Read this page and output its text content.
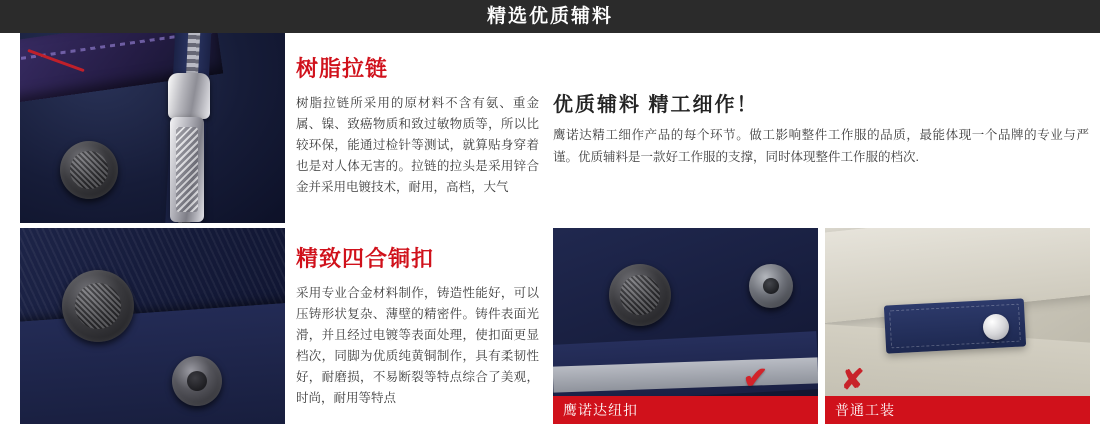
精选优质辅料
✔
鹰诺达纽扣
✘
普通工装
树脂拉链
树脂拉链所采用的原材料不含有氨、重金属、镍、致癌物质和致过敏物质等，所以比较环保，能通过检针等测试，就算贴身穿着也是对人体无害的。拉链的拉头是采用锌合金并采用电镀技术，耐用，高档，大气
精致四合铜扣
采用专业合金材料制作，铸造性能好，可以压铸形状复杂、薄壁的精密件。铸件表面光滑，并且经过电镀等表面处理，使扣面更显档次，同脚为优质纯黄铜制作，具有柔韧性好，耐磨损，不易断裂等特点综合了美观，时尚，耐用等特点
优质辅料 精工细作！
鹰诺达精工细作产品的每个环节。做工影响整件工作服的品质，最能体现一个品牌的专业与严谨。优质辅料是一款好工作服的支撑，同时体现整件工作服的档次.
